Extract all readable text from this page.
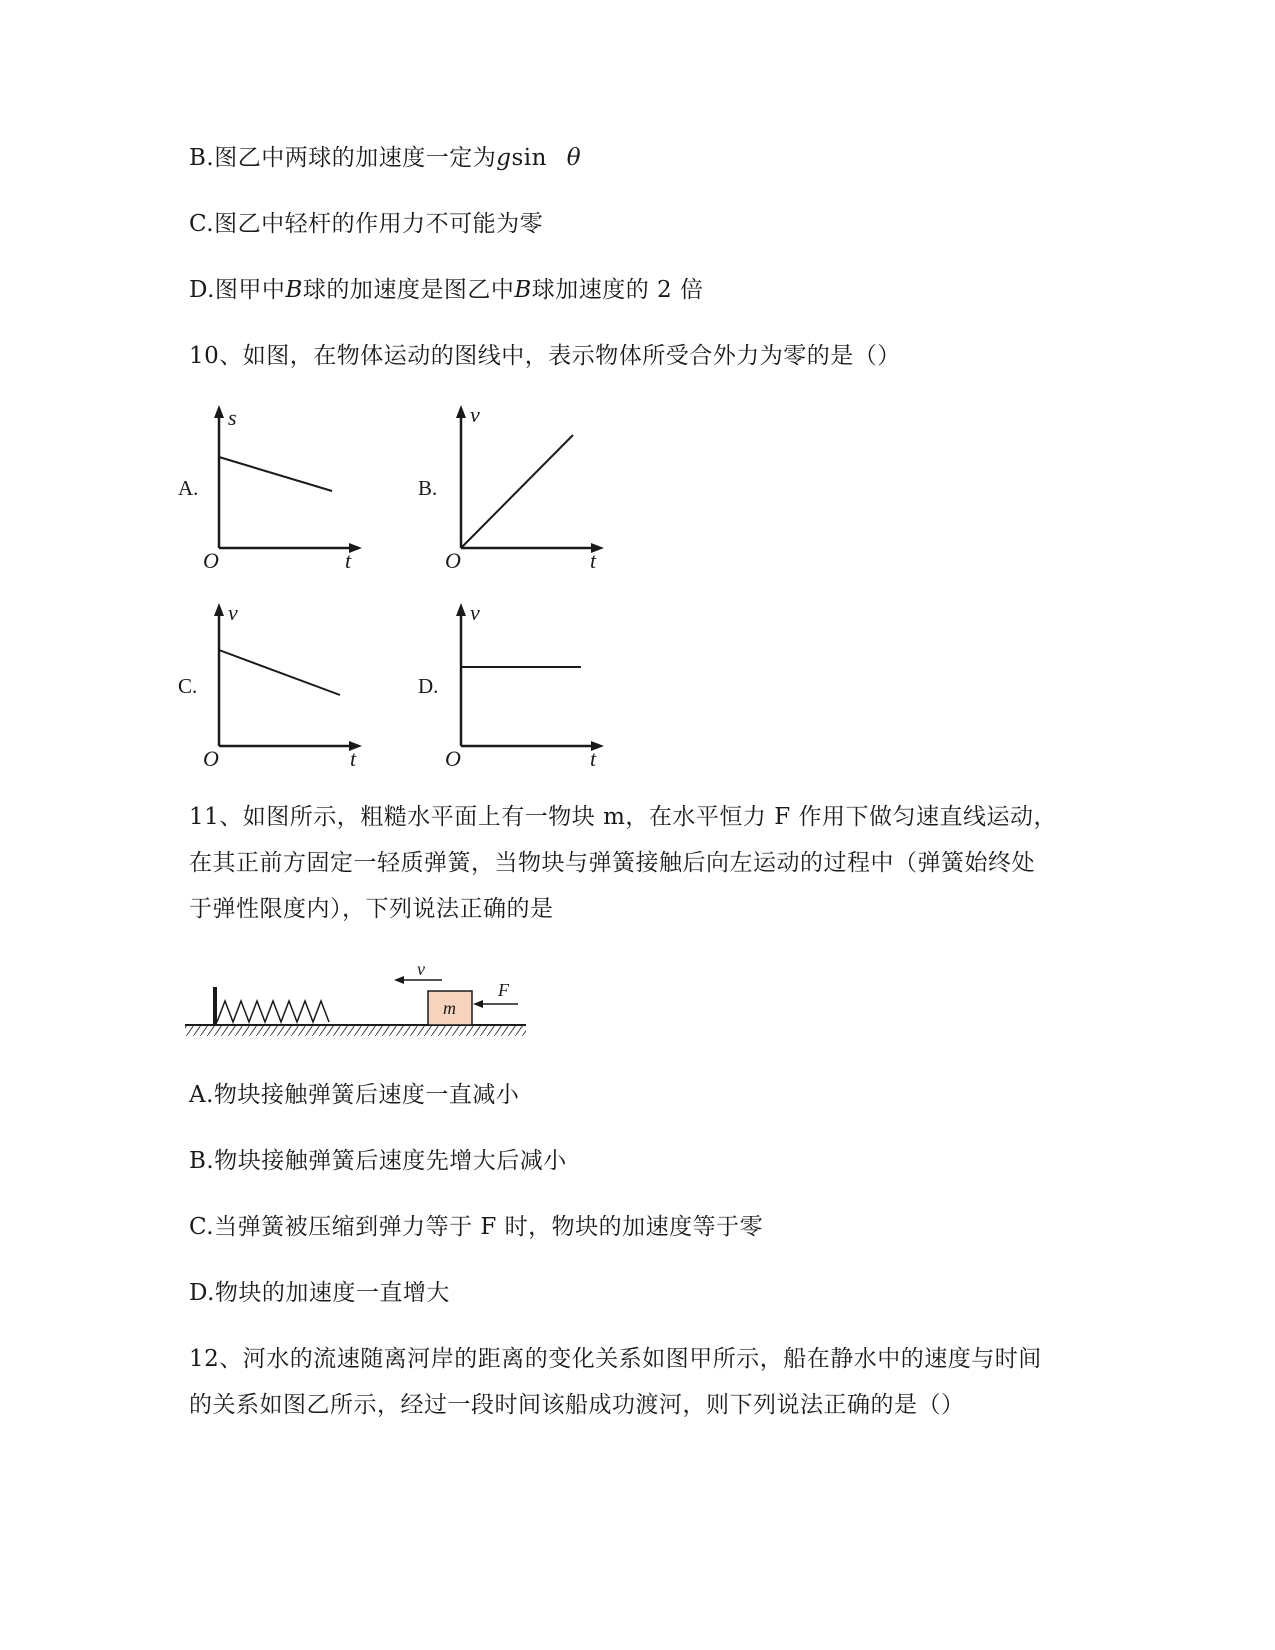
B.图乙中两球的加速度一定为gsin θ
C.图乙中轻杆的作用力不可能为零
D.图甲中B球的加速度是图乙中B球加速度的 2 倍
10、如图，在物体运动的图线中，表示物体所受合外力为零的是（）
A.
s
t
O
B.
v
t
O
C.
v
t
O
D.
v
t
O
11、如图所示，粗糙水平面上有一物块 m，在水平恒力 F 作用下做匀速直线运动，
在其正前方固定一轻质弹簧，当物块与弹簧接触后向左运动的过程中（弹簧始终处
于弹性限度内），下列说法正确的是
m
v
F
A.物块接触弹簧后速度一直减小
B.物块接触弹簧后速度先增大后减小
C.当弹簧被压缩到弹力等于 F 时，物块的加速度等于零
D.物块的加速度一直增大
12、河水的流速随离河岸的距离的变化关系如图甲所示，船在静水中的速度与时间
的关系如图乙所示，经过一段时间该船成功渡河，则下列说法正确的是（）
